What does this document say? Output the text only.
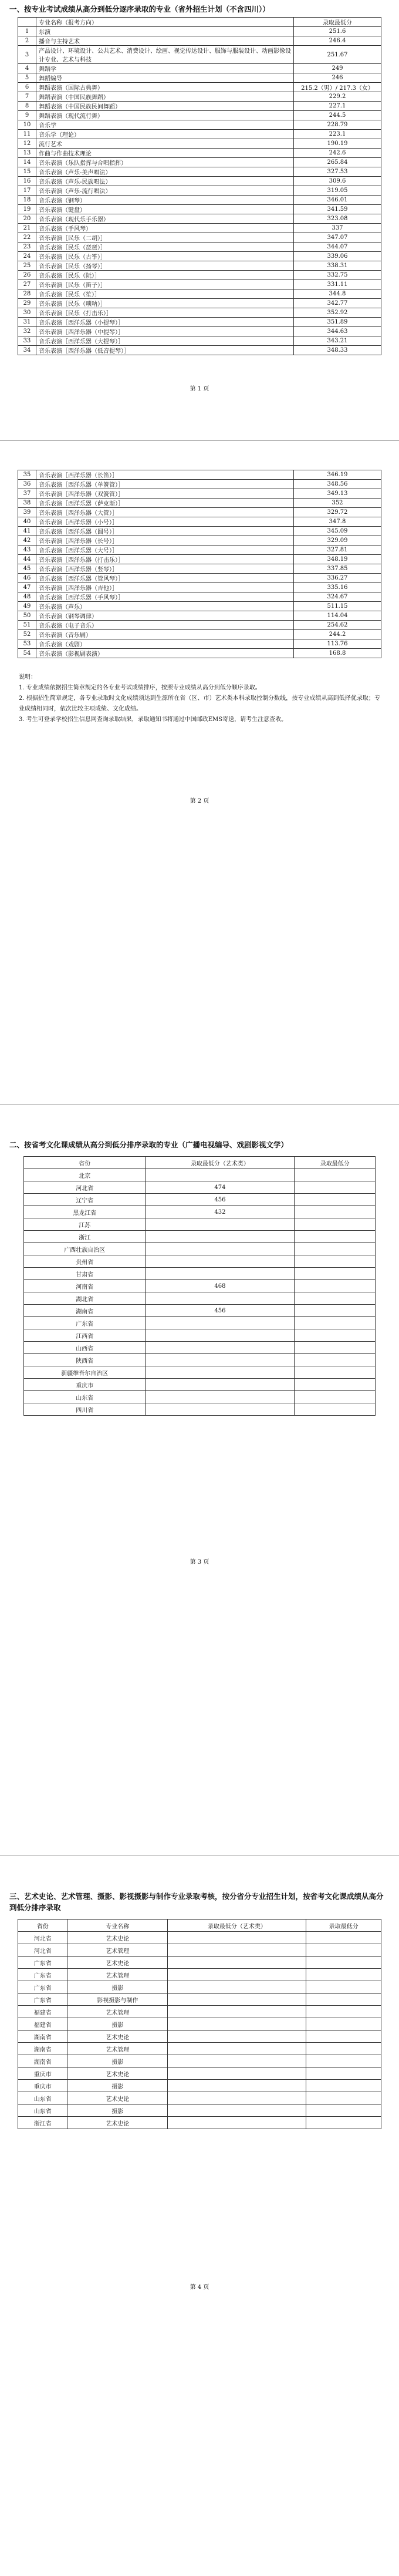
一、按专业考试成绩从高分到低分逐序录取的专业（省外招生计划（不含四川））
	专业名称（报考方向）	录取最低分
1	东演	251.6
2	播音与主持艺术	246.4
3	产品设计、环境设计、公共艺术、消费设计、绘画、视觉传达设计、服饰与服装设计、动画影像设计专业、艺术与科技	251.67
4	舞蹈学	249
5	舞蹈编导	246
6	舞蹈表演（国际古典舞）	215.2（男）/ 217.3（女）
7	舞蹈表演（中国民族舞蹈）	229.2
8	舞蹈表演（中国民族民间舞蹈）	227.1
9	舞蹈表演（现代流行舞）	244.5
10	音乐学	228.79
11	音乐学（理论）	223.1
12	流行艺术	190.19
13	作曲与作曲技术理论	242.6
14	音乐表演（乐队指挥与合唱指挥）	265.84
15	音乐表演（声乐-美声唱法）	327.53
16	音乐表演（声乐-民族唱法）	309.6
17	音乐表演（声乐-流行唱法）	319.05
18	音乐表演（钢琴）	346.01
19	音乐表演（键盘）	341.59
20	音乐表演（现代乐手乐器）	323.08
21	音乐表演（手风琴）	337
22	音乐表演［民乐（二胡）］	347.07
23	音乐表演［民乐（琵琶）］	344.07
24	音乐表演［民乐（古筝）］	339.06
25	音乐表演［民乐（扬琴）］	338.31
26	音乐表演［民乐（阮）］	332.75
27	音乐表演［民乐（笛子）］	331.11
28	音乐表演［民乐（笙）］	344.8
29	音乐表演［民乐（唢呐）］	342.77
30	音乐表演［民乐（打击乐）］	352.92
31	音乐表演［西洋乐器（小提琴）］	351.89
32	音乐表演［西洋乐器（中提琴）］	344.63
33	音乐表演［西洋乐器（大提琴）］	343.21
34	音乐表演［西洋乐器（低音提琴）］	348.33
第 1 页
35	音乐表演［西洋乐器（长笛）］	346.19
36	音乐表演［西洋乐器（单簧管）］	348.56
37	音乐表演［西洋乐器（双簧管）］	349.13
38	音乐表演［西洋乐器（萨克斯）］	352
39	音乐表演［西洋乐器（大管）］	329.72
40	音乐表演［西洋乐器（小号）］	347.8
41	音乐表演［西洋乐器（圆号）］	345.09
42	音乐表演［西洋乐器（长号）］	329.09
43	音乐表演［西洋乐器（大号）］	327.81
44	音乐表演［西洋乐器（打击乐）］	348.19
45	音乐表演［西洋乐器（竖琴）］	337.85
46	音乐表演［西洋乐器（管风琴）］	336.27
47	音乐表演［西洋乐器（吉他）］	335.16
48	音乐表演［西洋乐器（手风琴）］	324.67
49	音乐表演（声乐）	511.15
50	音乐表演（钢琴调律）	114.04
51	音乐表演（电子音乐）	254.62
52	音乐表演（音乐剧）	244.2
53	音乐表演（戏剧）	113.76
54	音乐表演（影视剧表演）	168.8
说明：
1. 专业成绩依据招生简章规定的各专业考试成绩排序，按照专业成绩从高分到低分顺序录取。
2. 根据招生简章规定，各专业录取时文化成绩须达到生源所在省（区、市）艺术类本科录取控制分数线，按专业成绩从高到低择优录取；专业成绩相同时，依次比较主项成绩、文化成绩。
3. 考生可登录学校招生信息网查询录取结果，录取通知书将通过中国邮政EMS寄送，请考生注意查收。
第 2 页
二、按省考文化课成绩从高分到低分排序录取的专业（广播电视编导、戏剧影视文学）
省份	录取最低分（艺术类）	录取最低分
北京		
河北省	474	
辽宁省	456	
黑龙江省	432	
江苏		
浙江		
广西壮族自治区		
贵州省		
甘肃省		
河南省	468	
湖北省		
湖南省	456	
广东省		
江西省		
山西省		
陕西省		
新疆维吾尔自治区		
重庆市		
山东省		
四川省		
第 3 页
三、艺术史论、艺术管理、摄影、影视摄影与制作专业录取考核，按分省分专业招生计划，按省考文化课成绩从高分到低分排序录取
省份	专业名称	录取最低分（艺术类）	录取最低分
河北省	艺术史论		
河北省	艺术管理		
广东省	艺术史论		
广东省	艺术管理		
广东省	摄影		
广东省	影视摄影与制作		
福建省	艺术管理		
福建省	摄影		
湖南省	艺术史论		
湖南省	艺术管理		
湖南省	摄影		
重庆市	艺术史论		
重庆市	摄影		
山东省	艺术史论		
山东省	摄影		
浙江省	艺术史论		
第 4 页
